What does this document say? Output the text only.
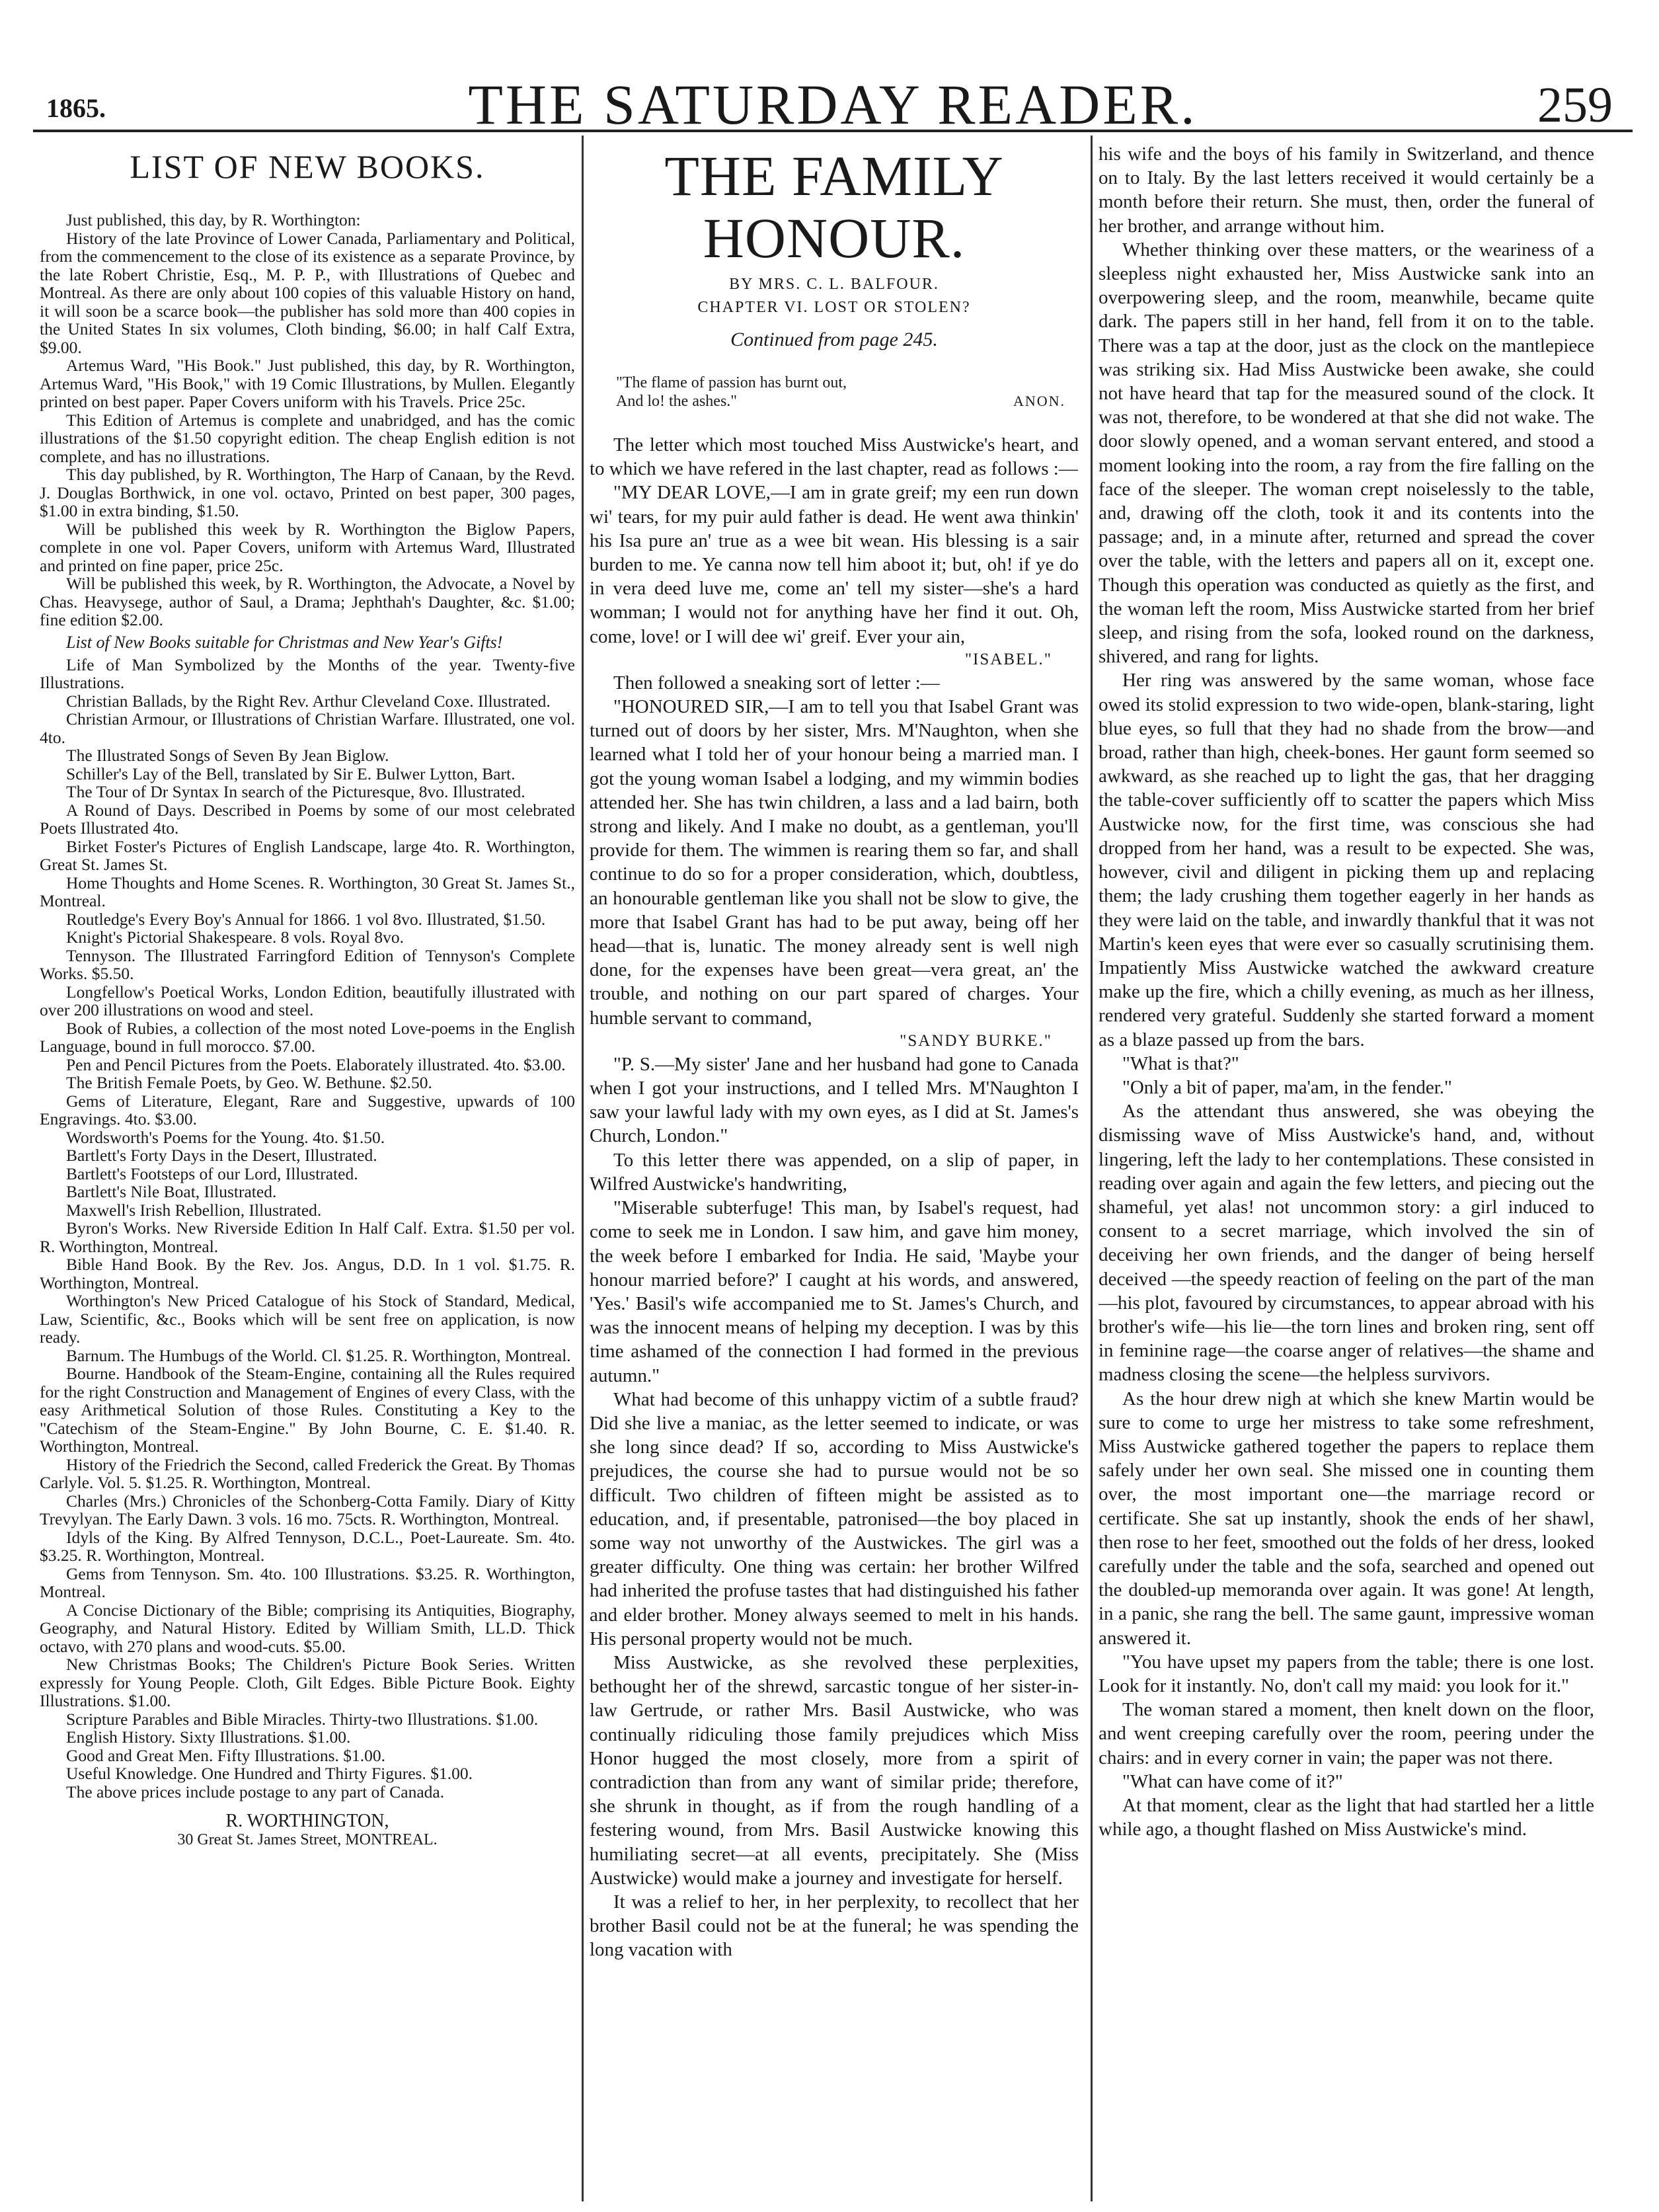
1865.	THE SATURDAY READER.	259
LIST OF NEW BOOKS.

Just published, this day, by R. Worthington:

History of the late Province of Lower Canada, Parliamentary and Political, from the commencement to the close of its existence as a separate Province, by the late Robert Christie, Esq., M. P. P., with Illustrations of Quebec and Montreal. As there are only about 100 copies of this valuable History on hand, it will soon be a scarce book—the publisher has sold more than 400 copies in the United States In six volumes, Cloth binding, $6.00; in half Calf Extra, $9.00.

Artemus Ward, "His Book." Just published, this day, by R. Worthington, Artemus Ward, "His Book," with 19 Comic Illustrations, by Mullen. Elegantly printed on best paper. Paper Covers uniform with his Travels. Price 25c.

This Edition of Artemus is complete and unabridged, and has the comic illustrations of the $1.50 copyright edition. The cheap English edition is not complete, and has no illustrations.

This day published, by R. Worthington, The Harp of Canaan, by the Revd. J. Douglas Borthwick, in one vol. octavo, Printed on best paper, 300 pages, $1.00 in extra binding, $1.50.

Will be published this week by R. Worthington the Biglow Papers, complete in one vol. Paper Covers, uniform with Artemus Ward, Illustrated and printed on fine paper, price 25c.

Will be published this week, by R. Worthington, the Advocate, a Novel by Chas. Heavysege, author of Saul, a Drama; Jephthah's Daughter, &c. $1.00; fine edition $2.00.

List of New Books suitable for Christmas and New Year's Gifts!

Life of Man Symbolized by the Months of the year. Twenty-five Illustrations.

Christian Ballads, by the Right Rev. Arthur Cleveland Coxe. Illustrated.

Christian Armour, or Illustrations of Christian Warfare. Illustrated, one vol. 4to.

The Illustrated Songs of Seven By Jean Biglow.

Schiller's Lay of the Bell, translated by Sir E. Bulwer Lytton, Bart.

The Tour of Dr Syntax In search of the Picturesque, 8vo. Illustrated.

A Round of Days. Described in Poems by some of our most celebrated Poets Illustrated 4to.

Birket Foster's Pictures of English Landscape, large 4to. R. Worthington, Great St. James St.

Home Thoughts and Home Scenes. R. Worthington, 30 Great St. James St., Montreal.

Routledge's Every Boy's Annual for 1866. 1 vol 8vo. Illustrated, $1.50.

Knight's Pictorial Shakespeare. 8 vols. Royal 8vo.

Tennyson. The Illustrated Farringford Edition of Tennyson's Complete Works. $5.50.

Longfellow's Poetical Works, London Edition, beautifully illustrated with over 200 illustrations on wood and steel.

Book of Rubies, a collection of the most noted Love-poems in the English Language, bound in full morocco. $7.00.

Pen and Pencil Pictures from the Poets. Elaborately illustrated. 4to. $3.00.

The British Female Poets, by Geo. W. Bethune. $2.50.

Gems of Literature, Elegant, Rare and Suggestive, upwards of 100 Engravings. 4to. $3.00.

Wordsworth's Poems for the Young. 4to. $1.50.

Bartlett's Forty Days in the Desert, Illustrated.

Bartlett's Footsteps of our Lord, Illustrated.

Bartlett's Nile Boat, Illustrated.

Maxwell's Irish Rebellion, Illustrated.

Byron's Works. New Riverside Edition In Half Calf. Extra. $1.50 per vol. R. Worthington, Montreal.

Bible Hand Book. By the Rev. Jos. Angus, D.D. In 1 vol. $1.75. R. Worthington, Montreal.

Worthington's New Priced Catalogue of his Stock of Standard, Medical, Law, Scientific, &c., Books which will be sent free on application, is now ready.

Barnum. The Humbugs of the World. Cl. $1.25. R. Worthington, Montreal.

Bourne. Handbook of the Steam-Engine, containing all the Rules required for the right Construction and Management of Engines of every Class, with the easy Arithmetical Solution of those Rules. Constituting a Key to the "Catechism of the Steam-Engine." By John Bourne, C. E. $1.40. R. Worthington, Montreal.

History of the Friedrich the Second, called Frederick the Great. By Thomas Carlyle. Vol. 5. $1.25. R. Worthington, Montreal.

Charles (Mrs.) Chronicles of the Schonberg-Cotta Family. Diary of Kitty Trevylyan. The Early Dawn. 3 vols. 16 mo. 75cts. R. Worthington, Montreal.

Idyls of the King. By Alfred Tennyson, D.C.L., Poet-Laureate. Sm. 4to. $3.25. R. Worthington, Montreal.

Gems from Tennyson. Sm. 4to. 100 Illustrations. $3.25. R. Worthington, Montreal.

A Concise Dictionary of the Bible; comprising its Antiquities, Biography, Geography, and Natural History. Edited by William Smith, LL.D. Thick octavo, with 270 plans and wood-cuts. $5.00.

New Christmas Books; The Children's Picture Book Series. Written expressly for Young People. Cloth, Gilt Edges. Bible Picture Book. Eighty Illustrations. $1.00.

Scripture Parables and Bible Miracles. Thirty-two Illustrations. $1.00.

English History. Sixty Illustrations. $1.00.

Good and Great Men. Fifty Illustrations. $1.00.

Useful Knowledge. One Hundred and Thirty Figures. $1.00.

The above prices include postage to any part of Canada.

R. WORTHINGTON,
30 Great St. James Street, MONTREAL.
THE FAMILY HONOUR.
BY MRS. C. L. BALFOUR.
CHAPTER VI. LOST OR STOLEN?
Continued from page 245.
"The flame of passion has burnt out,
And lo! the ashes."	ANON.

The letter which most touched Miss Austwicke's heart, and to which we have refered in the last chapter, read as follows :—

"MY DEAR LOVE,—I am in grate greif; my een run down wi' tears, for my puir auld father is dead. He went awa thinkin' his Isa pure an' true as a wee bit wean. His blessing is a sair burden to me. Ye canna now tell him aboot it; but, oh! if ye do in vera deed luve me, come an' tell my sister—she's a hard womman; I would not for anything have her find it out. Oh, come, love! or I will dee wi' greif. Ever your ain,

"ISABEL."

Then followed a sneaking sort of letter :—

"HONOURED SIR,—I am to tell you that Isabel Grant was turned out of doors by her sister, Mrs. M'Naughton, when she learned what I told her of your honour being a married man. I got the young woman Isabel a lodging, and my wimmin bodies attended her. She has twin children, a lass and a lad bairn, both strong and likely. And I make no doubt, as a gentleman, you'll provide for them. The wimmen is rearing them so far, and shall continue to do so for a proper consideration, which, doubtless, an honourable gentleman like you shall not be slow to give, the more that Isabel Grant has had to be put away, being off her head—that is, lunatic. The money already sent is well nigh done, for the expenses have been great—vera great, an' the trouble, and nothing on our part spared of charges. Your humble servant to command,

"SANDY BURKE."

"P. S.—My sister' Jane and her husband had gone to Canada when I got your instructions, and I telled Mrs. M'Naughton I saw your lawful lady with my own eyes, as I did at St. James's Church, London."

To this letter there was appended, on a slip of paper, in Wilfred Austwicke's handwriting,

"Miserable subterfuge! This man, by Isabel's request, had come to seek me in London. I saw him, and gave him money, the week before I embarked for India. He said, 'Maybe your honour married before?' I caught at his words, and answered, 'Yes.' Basil's wife accompanied me to St. James's Church, and was the innocent means of helping my deception. I was by this time ashamed of the connection I had formed in the previous autumn."

What had become of this unhappy victim of a subtle fraud? Did she live a maniac, as the letter seemed to indicate, or was she long since dead? If so, according to Miss Austwicke's prejudices, the course she had to pursue would not be so difficult. Two children of fifteen might be assisted as to education, and, if presentable, patronised—the boy placed in some way not unworthy of the Austwickes. The girl was a greater difficulty. One thing was certain: her brother Wilfred had inherited the profuse tastes that had distinguished his father and elder brother. Money always seemed to melt in his hands. His personal property would not be much.

Miss Austwicke, as she revolved these perplexities, bethought her of the shrewd, sarcastic tongue of her sister-in-law Gertrude, or rather Mrs. Basil Austwicke, who was continually ridiculing those family prejudices which Miss Honor hugged the most closely, more from a spirit of contradiction than from any want of similar pride; therefore, she shrunk in thought, as if from the rough handling of a festering wound, from Mrs. Basil Austwicke knowing this humiliating secret—at all events, precipitately. She (Miss Austwicke) would make a journey and investigate for herself.

It was a relief to her, in her perplexity, to recollect that her brother Basil could not be at the funeral; he was spending the long vacation with

his wife and the boys of his family in Switzerland, and thence on to Italy. By the last letters received it would certainly be a month before their return. She must, then, order the funeral of her brother, and arrange without him.

Whether thinking over these matters, or the weariness of a sleepless night exhausted her, Miss Austwicke sank into an overpowering sleep, and the room, meanwhile, became quite dark. The papers still in her hand, fell from it on to the table. There was a tap at the door, just as the clock on the mantlepiece was striking six. Had Miss Austwicke been awake, she could not have heard that tap for the measured sound of the clock. It was not, therefore, to be wondered at that she did not wake. The door slowly opened, and a woman servant entered, and stood a moment looking into the room, a ray from the fire falling on the face of the sleeper. The woman crept noiselessly to the table, and, drawing off the cloth, took it and its contents into the passage; and, in a minute after, returned and spread the cover over the table, with the letters and papers all on it, except one. Though this operation was conducted as quietly as the first, and the woman left the room, Miss Austwicke started from her brief sleep, and rising from the sofa, looked round on the darkness, shivered, and rang for lights.

Her ring was answered by the same woman, whose face owed its stolid expression to two wide-open, blank-staring, light blue eyes, so full that they had no shade from the brow—and broad, rather than high, cheek-bones. Her gaunt form seemed so awkward, as she reached up to light the gas, that her dragging the table-cover sufficiently off to scatter the papers which Miss Austwicke now, for the first time, was conscious she had dropped from her hand, was a result to be expected. She was, however, civil and diligent in picking them up and replacing them; the lady crushing them together eagerly in her hands as they were laid on the table, and inwardly thankful that it was not Martin's keen eyes that were ever so casually scrutinising them. Impatiently Miss Austwicke watched the awkward creature make up the fire, which a chilly evening, as much as her illness, rendered very grateful. Suddenly she started forward a moment as a blaze passed up from the bars.

"What is that?"

"Only a bit of paper, ma'am, in the fender."

As the attendant thus answered, she was obeying the dismissing wave of Miss Austwicke's hand, and, without lingering, left the lady to her contemplations. These consisted in reading over again and again the few letters, and piecing out the shameful, yet alas! not uncommon story: a girl induced to consent to a secret marriage, which involved the sin of deceiving her own friends, and the danger of being herself deceived —the speedy reaction of feeling on the part of the man—his plot, favoured by circumstances, to appear abroad with his brother's wife—his lie—the torn lines and broken ring, sent off in feminine rage—the coarse anger of relatives—the shame and madness closing the scene—the helpless survivors.

As the hour drew nigh at which she knew Martin would be sure to come to urge her mistress to take some refreshment, Miss Austwicke gathered together the papers to replace them safely under her own seal. She missed one in counting them over, the most important one—the marriage record or certificate. She sat up instantly, shook the ends of her shawl, then rose to her feet, smoothed out the folds of her dress, looked carefully under the table and the sofa, searched and opened out the doubled-up memoranda over again. It was gone! At length, in a panic, she rang the bell. The same gaunt, impressive woman answered it.

"You have upset my papers from the table; there is one lost. Look for it instantly. No, don't call my maid: you look for it."

The woman stared a moment, then knelt down on the floor, and went creeping carefully over the room, peering under the chairs: and in every corner in vain; the paper was not there.

"What can have come of it?"

At that moment, clear as the light that had startled her a little while ago, a thought flashed on Miss Austwicke's mind.
